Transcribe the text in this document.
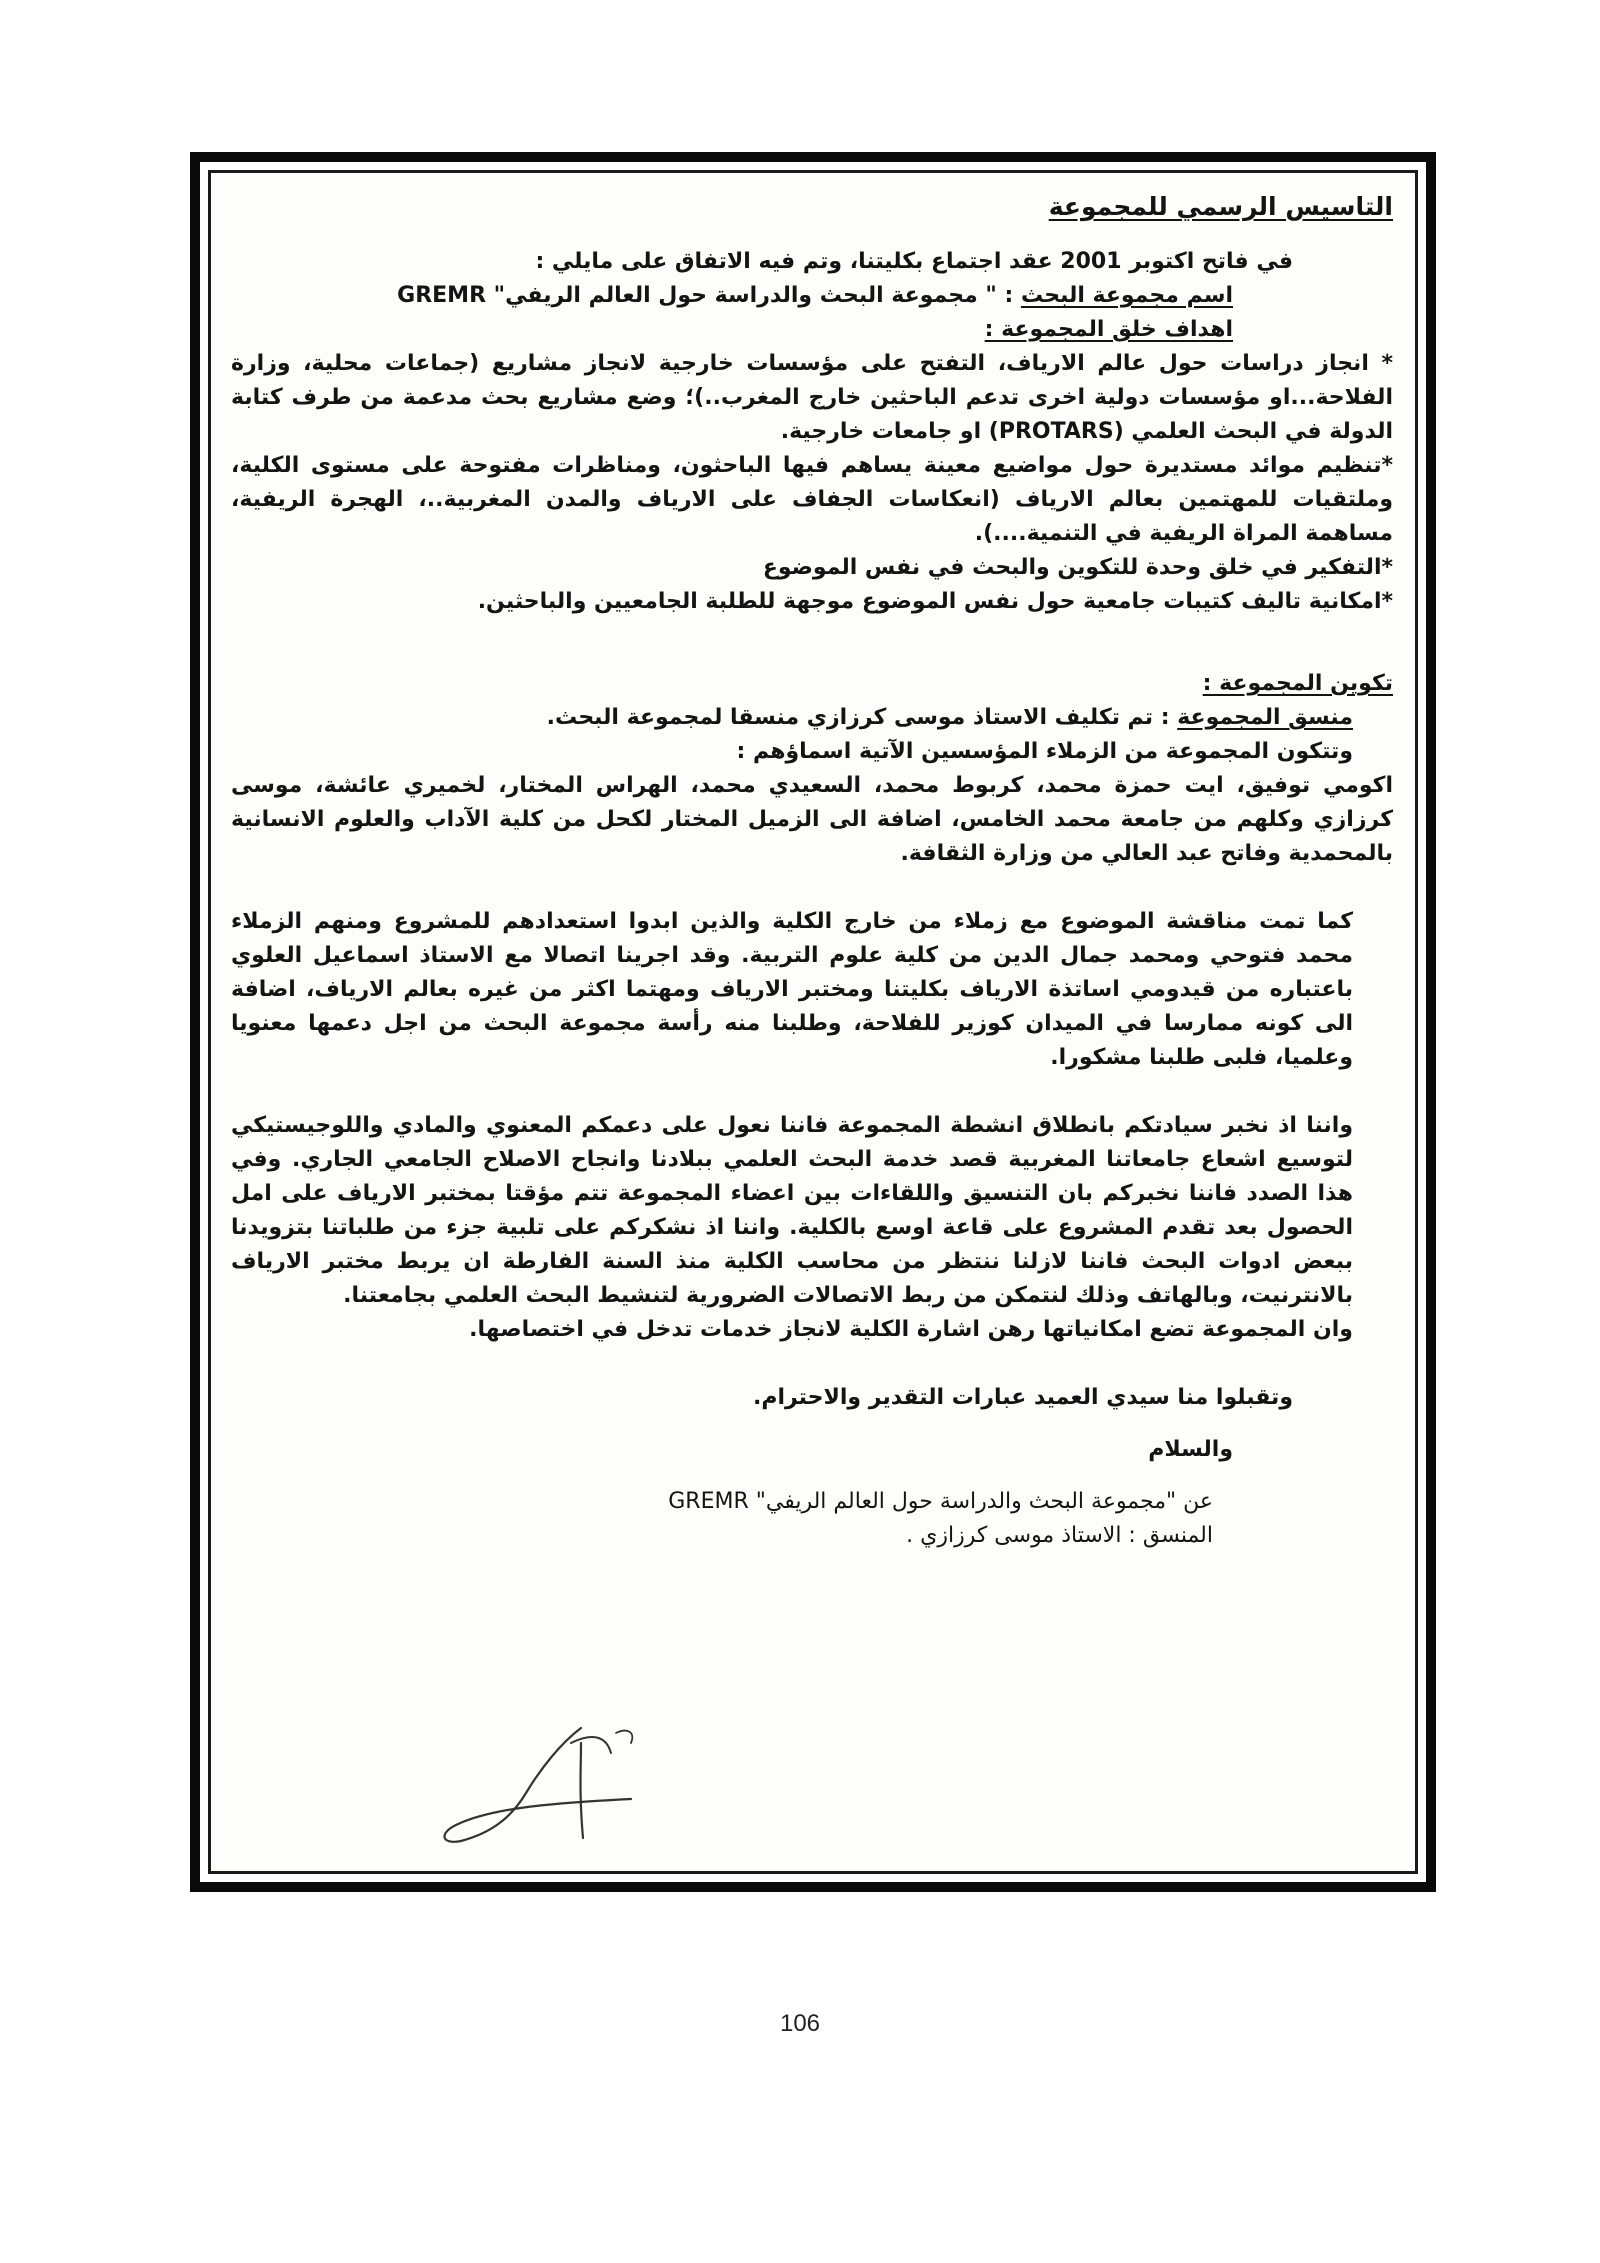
التاسيس الرسمي للمجموعة

في فاتح اكتوبر 2001 عقد اجتماع بكليتنا، وتم فيه الاتفاق على مايلي :

اسم مجموعة البحث : " مجموعة البحث والدراسة حول العالم الريفي" GREMR

اهداف خلق المجموعة :

* انجاز دراسات حول عالم الارياف، التفتح على مؤسسات خارجية لانجاز مشاريع (جماعات محلية، وزارة الفلاحة...او مؤسسات دولية اخرى تدعم الباحثين خارج المغرب..)؛ وضع مشاريع بحث مدعمة من طرف كتابة الدولة في البحث العلمي (PROTARS) او جامعات خارجية.

*تنظيم موائد مستديرة حول مواضيع معينة يساهم فيها الباحثون، ومناظرات مفتوحة على مستوى الكلية، وملتقيات للمهتمين بعالم الارياف (انعكاسات الجفاف على الارياف والمدن المغربية..، الهجرة الريفية، مساهمة المراة الريفية في التنمية....).

*التفكير في خلق وحدة للتكوين والبحث في نفس الموضوع

*امكانية تاليف كتيبات جامعية حول نفس الموضوع موجهة للطلبة الجامعيين والباحثين.

تكوين المجموعة :

منسق المجموعة : تم تكليف الاستاذ موسى كرزازي منسقا لمجموعة البحث.

وتتكون المجموعة من الزملاء المؤسسين الآتية اسماؤهم :

اكومي توفيق، ايت حمزة محمد، كربوط محمد، السعيدي محمد، الهراس المختار، لخميري عائشة، موسى كرزازي وكلهم من جامعة محمد الخامس، اضافة الى الزميل المختار لكحل من كلية الآداب والعلوم الانسانية بالمحمدية وفاتح عبد العالي من وزارة الثقافة.

كما تمت مناقشة الموضوع مع زملاء من خارج الكلية والذين ابدوا استعدادهم للمشروع ومنهم الزملاء محمد فتوحي ومحمد جمال الدين من كلية علوم التربية. وقد اجرينا اتصالا مع الاستاذ اسماعيل العلوي باعتباره من قيدومي اساتذة الارياف بكليتنا ومختبر الارياف ومهتما اكثر من غيره بعالم الارياف، اضافة الى كونه ممارسا في الميدان كوزير للفلاحة، وطلبنا منه رأسة مجموعة البحث من اجل دعمها معنويا وعلميا، فلبى طلبنا مشكورا.

واننا اذ نخبر سيادتكم بانطلاق انشطة المجموعة فاننا نعول على دعمكم المعنوي والمادي واللوجيستيكي لتوسيع اشعاع جامعاتنا المغربية قصد خدمة البحث العلمي ببلادنا وانجاح الاصلاح الجامعي الجاري. وفي هذا الصدد فاننا نخبركم بان التنسيق واللقاءات بين اعضاء المجموعة تتم مؤقتا بمختبر الارياف على امل الحصول بعد تقدم المشروع على قاعة اوسع بالكلية. واننا اذ نشكركم على تلبية جزء من طلباتنا بتزويدنا ببعض ادوات البحث فاننا لازلنا ننتظر من محاسب الكلية منذ السنة الفارطة ان يربط مختبر الارياف بالانترنيت، وبالهاتف وذلك لنتمكن من ربط الاتصالات الضرورية لتنشيط البحث العلمي بجامعتنا.

وان المجموعة تضع امكانياتها رهن اشارة الكلية لانجاز خدمات تدخل في اختصاصها.

وتقبلوا منا سيدي العميد عبارات التقدير والاحترام.

والسلام

عن "مجموعة البحث والدراسة حول العالم الريفي" GREMR

المنسق : الاستاذ موسى كرزازي .

106
